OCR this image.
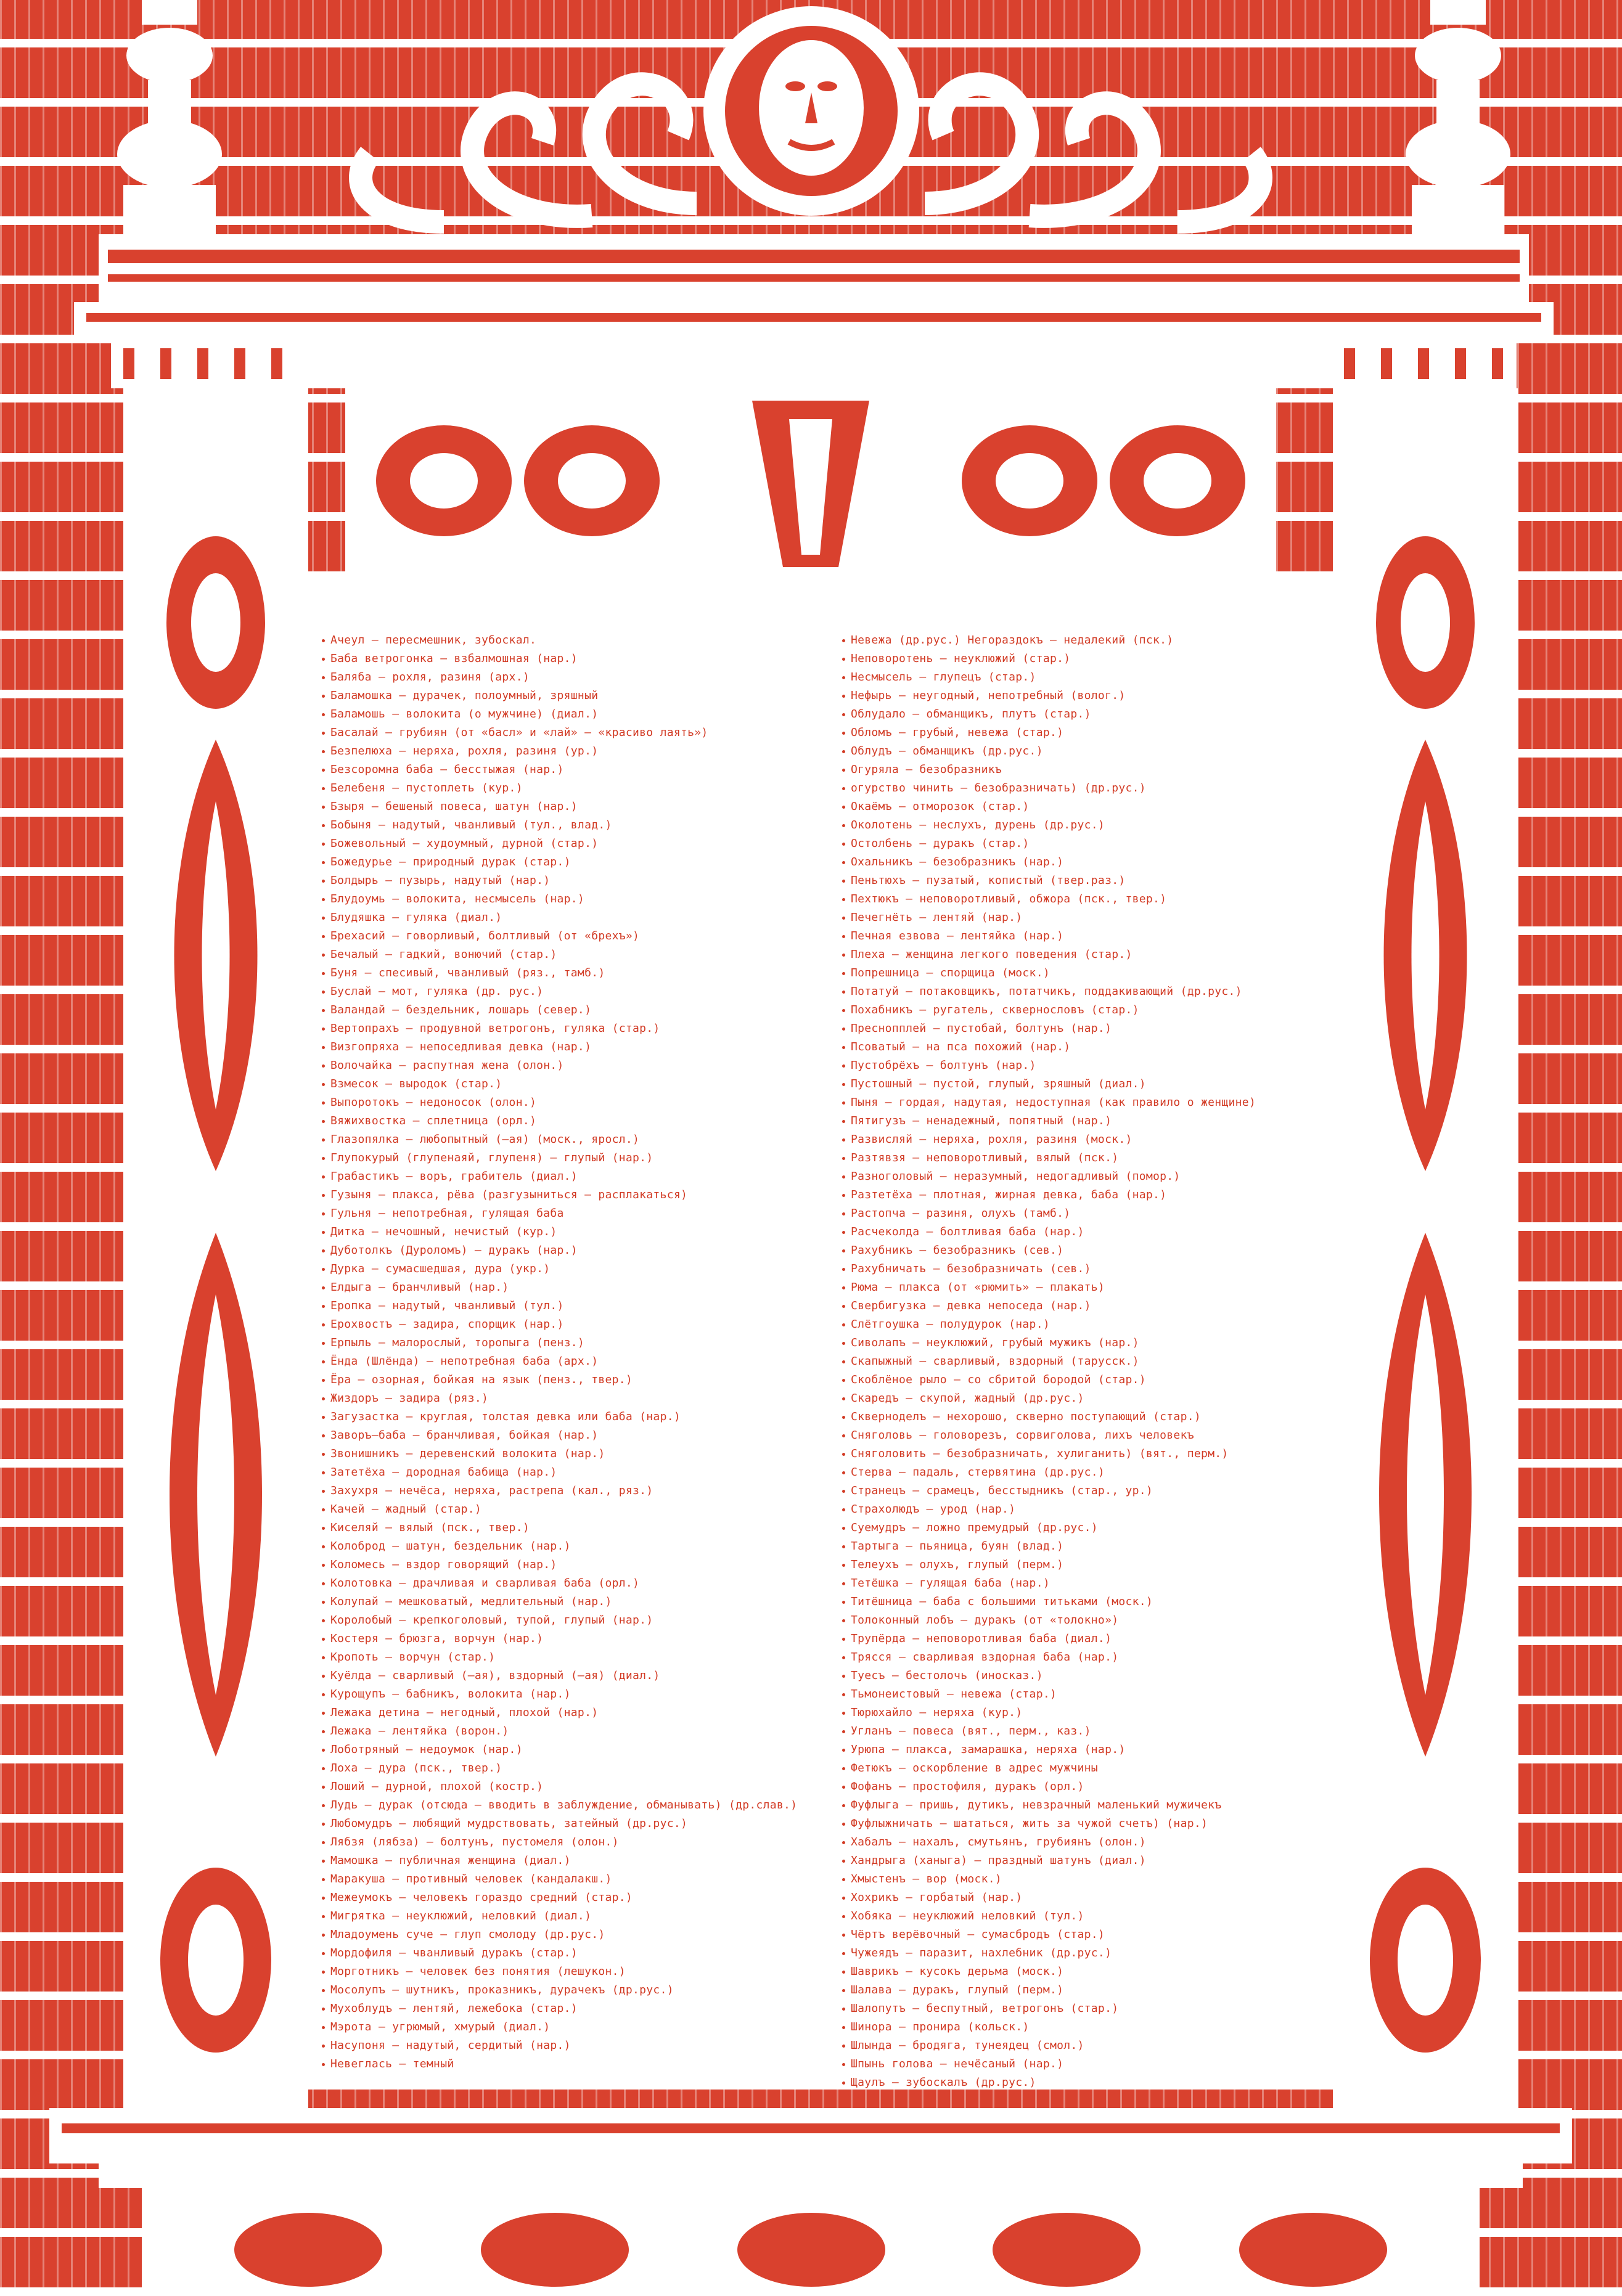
Ачеул – пересмешник, зубоскал.
Баба ветрогонка – взбалмошная (нар.)
Баляба – рохля, разиня (арх.)
Баламошка – дурачек, полоумный, зряшный
Баламошь – волокита (о мужчине) (диал.)
Басалай – грубиян (от «басл» и «лай» – «красиво лаять»)
Безпелюха – неряха, рохля, разиня (ур.)
Безсоромна баба – бесстыжая (нар.)
Белебеня – пустоплеть (кур.)
Бзыря – бешеный повеса, шатун (нар.)
Бобыня – надутый, чванливый (тул., влад.)
Божевольный – худоумный, дурной (стар.)
Божедурье – природный дурак (стар.)
Болдырь – пузырь, надутый (нар.)
Блудоумь – волокита, несмысель (нар.)
Блудяшка – гуляка (диал.)
Брехасий – говорливый, болтливый (от «брехъ»)
Бечалый – гадкий, вонючий (стар.)
Буня – спесивый, чванливый (ряз., тамб.)
Буслай – мот, гуляка (др. рус.)
Валандай – бездельник, лошарь (север.)
Вертопрахъ – продувной ветрогонъ, гуляка (стар.)
Визгопряха – непоседливая девка (нар.)
Волочайка – распутная жена (олон.)
Взмесок – выродок (стар.)
Выпоротокъ – недоносок (олон.)
Вяжихвостка – сплетница (орл.)
Глазопялка – любопытный (–ая) (моск., яросл.)
Глупокурый (глупенаяй, глупеня) – глупый (нар.)
Грабастикъ – воръ, грабитель (диал.)
Гузыня – плакса, рёва (разгузыниться – расплакаться)
Гульня – непотребная, гулящая баба
Дитка – нечошный, нечистый (кур.)
Дуботолкъ (Дуроломъ) – дуракъ (нар.)
Дурка – сумасшедшая, дура (укр.)
Елдыга – бранчливый (нар.)
Еропка – надутый, чванливый (тул.)
Ерохвостъ – задира, спорщик (нар.)
Ерпыль – малорослый, торопыга (пенз.)
Ёнда (Шлёнда) – непотребная баба (арх.)
Ёра – озорная, бойкая на язык (пенз., твер.)
Жиздоръ – задира (ряз.)
Загузастка – круглая, толстая девка или баба (нар.)
Заворъ–баба – бранчливая, бойкая (нар.)
Звонишникъ – деревенский волокита (нар.)
Затетёха – дородная бабища (нар.)
Захухря – нечёса, неряха, растрепа (кал., ряз.)
Качей – жадный (стар.)
Киселяй – вялый (пск., твер.)
Колоброд – шатун, бездельник (нар.)
Коломесь – вздор говорящий (нар.)
Колотовка – драчливая и сварливая баба (орл.)
Колупай – мешковатый, медлительный (нар.)
Королобый – крепкоголовый, тупой, глупый (нар.)
Костеря – брюзга, ворчун (нар.)
Кропоть – ворчун (стар.)
Куёлда – сварливый (–ая), вздорный (–ая) (диал.)
Курощупъ – бабникъ, волокита (нар.)
Лежака детина – негодный, плохой (нар.)
Лежака – лентяйка (ворон.)
Лоботряный – недоумок (нар.)
Лоха – дура (пск., твер.)
Лоший – дурной, плохой (костр.)
Лудь – дурак (отсюда – вводить в заблуждение, обманывать) (др.слав.)
Любомудръ – любящий мудрствовать, затейный (др.рус.)
Лябзя (лябза) – болтунъ, пустомеля (олон.)
Мамошка – публичная женщина (диал.)
Маракуша – противный человек (кандалакш.)
Межеумокъ – человекъ гораздо средний (стар.)
Мигрятка – неуклюжий, неловкий (диал.)
Младоумень суче – глуп смолоду (др.рус.)
Мордофиля – чванливый дуракъ (стар.)
Морготникъ – человек без понятия (лешукон.)
Мосолупъ – шутникъ, проказникъ, дурачекъ (др.рус.)
Мухоблудъ – лентяй, лежебока (стар.)
Мэрота – угрюмый, хмурый (диал.)
Насупоня – надутый, сердитый (нар.)
Невеглась – темный
Невежа (др.рус.) Негораздокъ – недалекий (пск.)
Неповоротень – неуклюжий (стар.)
Несмысель – глупецъ (стар.)
Нефырь – неугодный, непотребный (волог.)
Облудало – обманщикъ, плутъ (стар.)
Обломъ – грубый, невежа (стар.)
Облудъ – обманщикъ (др.рус.)
Огуряла – безобразникъ
огурство чинить – безобразничать) (др.рус.)
Окаёмъ – отморозок (стар.)
Околотень – неслухъ, дурень (др.рус.)
Остолбень – дуракъ (стар.)
Охальникъ – безобразникъ (нар.)
Пеньтюхъ – пузатый, копистый (твер.раз.)
Пехтюкъ – неповоротливый, обжора (пск., твер.)
Печегнёть – лентяй (нар.)
Печная езвова – лентяйка (нар.)
Плеха – женщина легкого поведения (стар.)
Попрешница – спорщица (моск.)
Потатуй – потаковщикъ, потатчикъ, поддакивающий (др.рус.)
Похабникъ – ругатель, сквернословъ (стар.)
Преснопплей – пустобай, болтунъ (нар.)
Псоватый – на пса похожий (нар.)
Пустобрёхъ – болтунъ (нар.)
Пустошный – пустой, глупый, зряшный (диал.)
Пыня – гордая, надутая, недоступная (как правило о женщине)
Пятигузъ – ненадежный, попятный (нар.)
Развисляй – неряха, рохля, разиня (моск.)
Разтявзя – неповоротливый, вялый (пск.)
Разноголовый – неразумный, недогадливый (помор.)
Разтетёха – плотная, жирная девка, баба (нар.)
Растопча – разиня, олухъ (тамб.)
Расчеколда – болтливая баба (нар.)
Рахубникъ – безобразникъ (сев.)
Рахубничать – безобразничать (сев.)
Рюма – плакса (от «рюмить» – плакать)
Свербигузка – девка непоседа (нар.)
Слётгоушка – полудурок (нар.)
Сиволапъ – неуклюжий, грубый мужикъ (нар.)
Скапыжный – сварливый, вздорный (тарусск.)
Скоблёное рыло – со сбритой бородой (стар.)
Скаредъ – скупой, жадный (др.рус.)
Скверноделъ – нехорошо, скверно поступающий (стар.)
Сняголовь – головорезъ, сорвиголова, лихъ человекъ
Сняголовить – безобразничать, хулиганить) (вят., перм.)
Стерва – падаль, стервятина (др.рус.)
Странецъ – срамецъ, бесстыдникъ (стар., ур.)
Страхолюдъ – урод (нар.)
Суемудръ – ложно премудрый (др.рус.)
Тартыга – пьяница, буян (влад.)
Телеухъ – олухъ, глупый (перм.)
Тетёшка – гулящая баба (нар.)
Титёшница – баба с большими титьками (моск.)
Толоконный лобъ – дуракъ (от «толокно»)
Трупёрда – неповоротливая баба (диал.)
Трясся – сварливая вздорная баба (нар.)
Туесъ – бестолочь (иносказ.)
Тьмонеистовый – невежа (стар.)
Тюрюхайло – неряха (кур.)
Угланъ – повеса (вят., перм., каз.)
Урюпа – плакса, замарашка, неряха (нар.)
Фетюкъ – оскорбление в адрес мужчины
Фофанъ – простофиля, дуракъ (орл.)
Фуфлыга – пришь, дутикъ, невзрачный маленький мужичекъ
Фуфлыжничать – шататься, жить за чужой счетъ) (нар.)
Хабалъ – нахалъ, смутьянъ, грубиянъ (олон.)
Хандрыга (ханыга) – праздный шатунъ (диал.)
Хмыстенъ – вор (моск.)
Хохрикъ – горбатый (нар.)
Хобяка – неуклюжий неловкий (тул.)
Чёртъ верёвочный – сумасбродъ (стар.)
Чужеядъ – паразит, нахлебник (др.рус.)
Шаврикъ – кусокъ дерьма (моск.)
Шалава – дуракъ, глупый (перм.)
Шалопутъ – беспутный, ветрогонъ (стар.)
Шинора – пронира (кольск.)
Шлында – бродяга, тунеядец (смол.)
Шпынь голова – нечёсаный (нар.)
Щаулъ – зубоскалъ (др.рус.)
